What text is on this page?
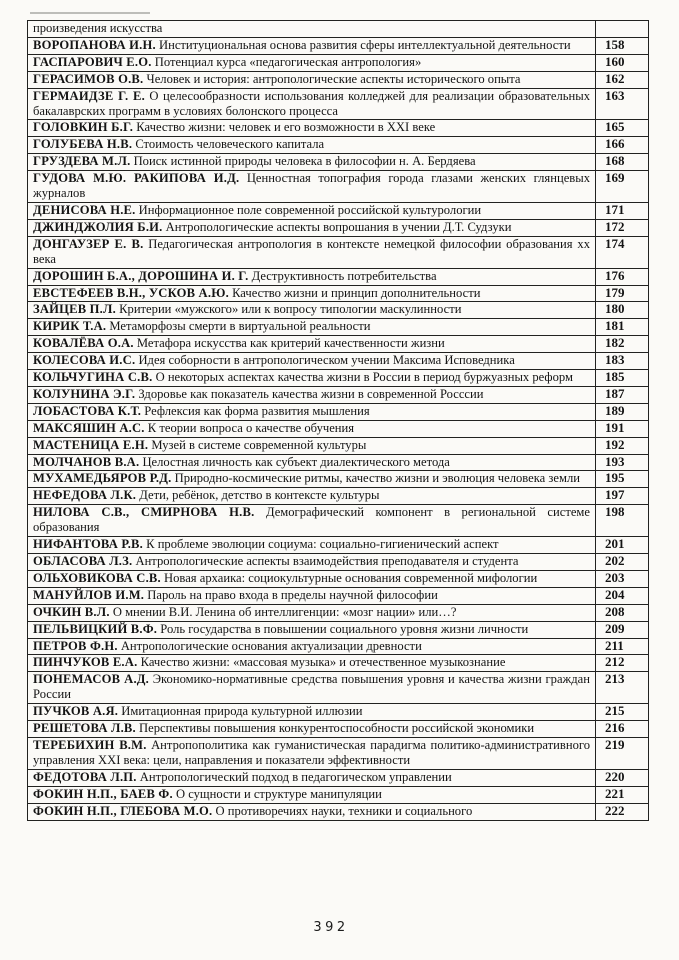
произведения искусства	
ВОРОПАНОВА И.Н. Институциональная основа развития сферы интеллектуальной деятельности	158
ГАСПАРОВИЧ Е.О. Потенциал курса «педагогическая антропология»	160
ГЕРАСИМОВ О.В. Человек и история: антропологические аспекты исторического опыта	162
ГЕРМАИДЗЕ Г. Е. О целесообразности использования колледжей для реализации образовательных бакалаврских программ в условиях болонского процесса	163
ГОЛОВКИН Б.Г. Качество жизни: человек и его возможности в XXI веке	165
ГОЛУБЕВА Н.В. Стоимость человеческого капитала	166
ГРУЗДЕВА М.Л. Поиск истинной природы человека в философии н. А. Бердяева	168
ГУДОВА М.Ю. РАКИПОВА И.Д. Ценностная топография города глазами женских глянцевых журналов	169
ДЕНИСОВА Н.Е. Информационное поле современной российской культурологии	171
ДЖИНДЖОЛИЯ Б.И. Антропологические аспекты вопрошания в учении Д.Т. Судзуки	172
ДОНГАУЗЕР Е. В. Педагогическая антропология в контексте немецкой философии образования хх века	174
ДОРОШИН Б.А., ДОРОШИНА И. Г. Деструктивность потребительства	176
ЕВСТЕФЕЕВ В.Н., УСКОВ А.Ю. Качество жизни и принцип дополнительности	179
ЗАЙЦЕВ П.Л. Критерии «мужского» или к вопросу типологии маскулинности	180
КИРИК Т.А. Метаморфозы смерти в виртуальной реальности	181
КОВАЛЁВА О.А. Метафора искусства как критерий качественности жизни	182
КОЛЕСОВА И.С. Идея соборности в антропологическом учении Максима Исповедника	183
КОЛЬЧУГИНА С.В. О некоторых аспектах качества жизни в России в период буржуазных реформ	185
КОЛУНИНА Э.Г. Здоровье как показатель качества жизни в современной Росссии	187
ЛОБАСТОВА К.Т. Рефлексия как форма развития мышления	189
МАКСЯШИН А.С. К теории вопроса о качестве обучения	191
МАСТЕНИЦА Е.Н. Музей в системе современной культуры	192
МОЛЧАНОВ В.А. Целостная личность как субъект диалектического метода	193
МУХАМЕДЬЯРОВ Р.Д. Природно-космические ритмы, качество жизни и эволюция человека земли	195
НЕФЕДОВА Л.К. Дети, ребёнок, детство в контексте культуры	197
НИЛОВА С.В., СМИРНОВА Н.В. Демографический компонент в региональной системе образования	198
НИФАНТОВА Р.В. К проблеме эволюции социума: социально-гигиенический аспект	201
ОБЛАСОВА Л.З. Антропологические аспекты взаимодействия преподавателя и студента	202
ОЛЬХОВИКОВА С.В. Новая архаика: социокультурные основания современной мифологии	203
МАНУЙЛОВ И.М. Пароль на право входа в пределы научной философии	204
ОЧКИН В.Л. О мнении В.И. Ленина об интеллигенции: «мозг нации» или…?	208
ПЕЛЬВИЦКИЙ В.Ф. Роль государства в повышении социального уровня жизни личности	209
ПЕТРОВ Ф.Н. Антропологические основания актуализации древности	211
ПИНЧУКОВ Е.А. Качество жизни: «массовая музыка» и отечественное музыкознание	212
ПОНЕМАСОВ А.Д. Экономико-нормативные средства повышения уровня и качества жизни граждан России	213
ПУЧКОВ А.Я. Имитационная природа культурной иллюзии	215
РЕШЕТОВА Л.В. Перспективы повышения конкурентоспособности российской экономики	216
ТЕРЕБИХИН В.М. Антропополитика как гуманистическая парадигма политико-административного управления XXI века: цели, направления и показатели эффективности	219
ФЕДОТОВА Л.П. Антропологический подход в педагогическом управлении	220
ФОКИН Н.П., БАЕВ Ф. О сущности и структуре манипуляции	221
ФОКИН Н.П., ГЛЕБОВА М.О. О противоречиях науки, техники и социального	222
392
